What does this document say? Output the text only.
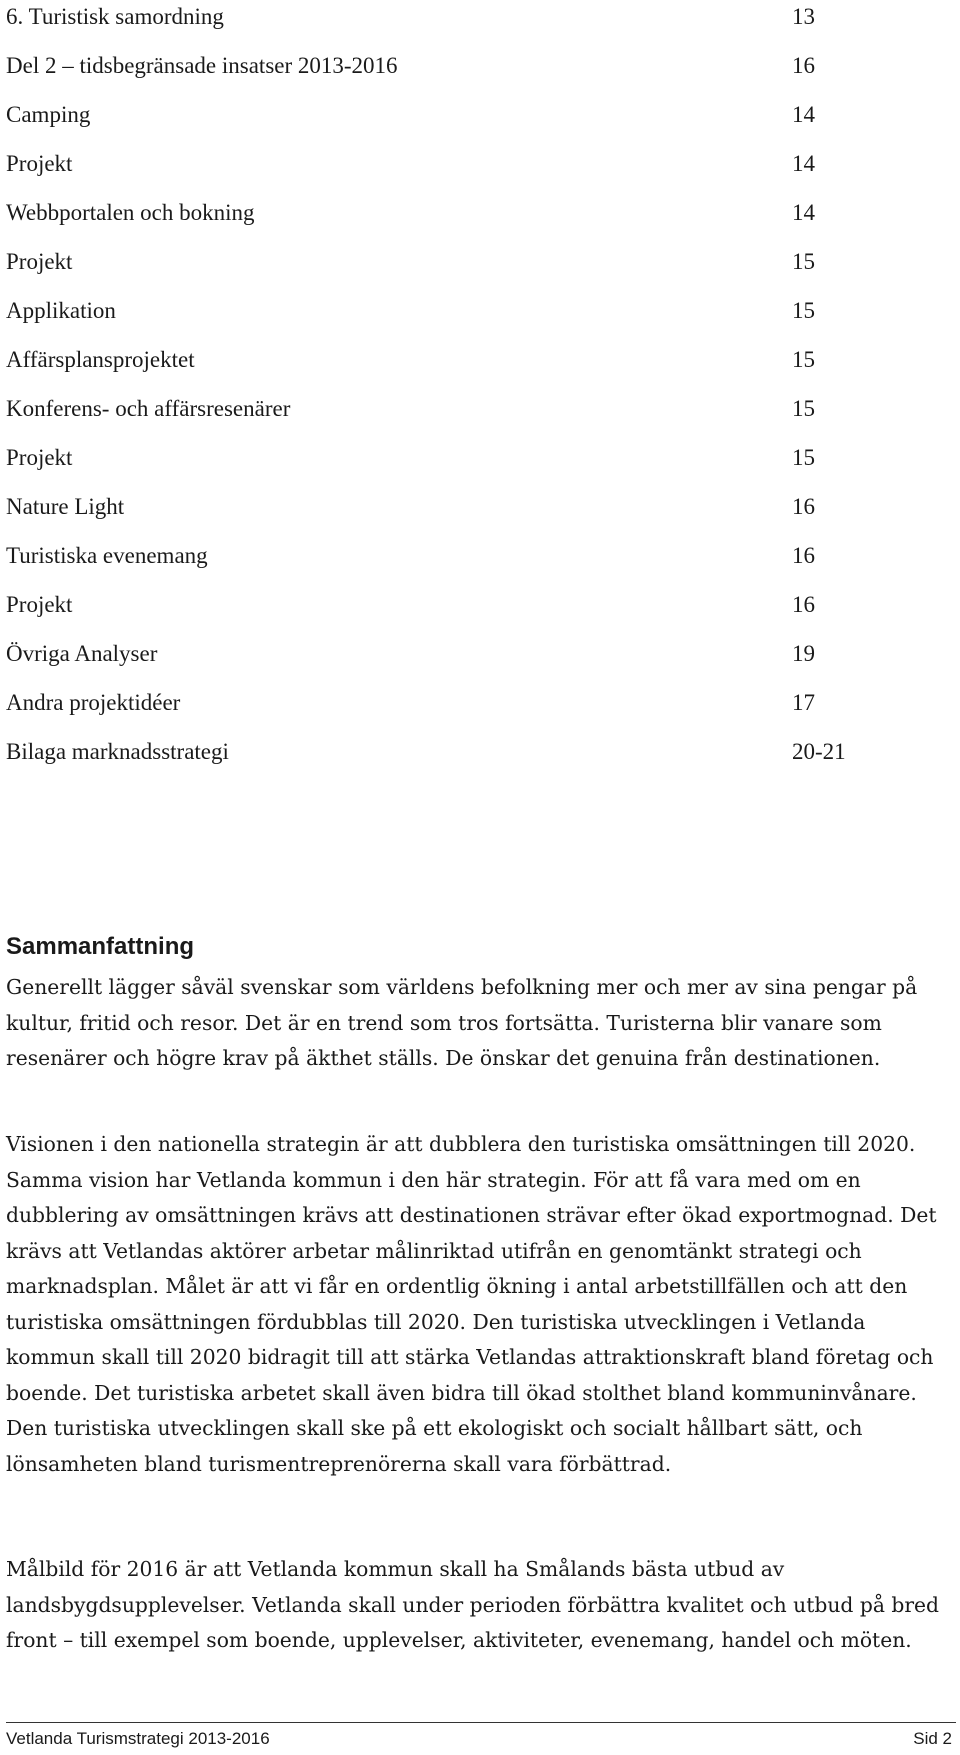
6. Turistisk samordning	13
Del 2 – tidsbegränsade insatser 2013-2016	16
Camping	14
Projekt	14
Webbportalen och bokning	14
Projekt	15
Applikation	15
Affärsplansprojektet	15
Konferens- och affärsresenärer	15
Projekt	15
Nature Light	16
Turistiska evenemang	16
Projekt	16
Övriga Analyser	19
Andra projektidéer	17
Bilaga marknadsstrategi	20-21
Sammanfattning

Generellt lägger såväl svenskar som världens befolkning mer och mer av sina pengar på kultur, fritid och resor. Det är en trend som tros fortsätta. Turisterna blir vanare som resenärer och högre krav på äkthet ställs. De önskar det genuina från destinationen.

Visionen i den nationella strategin är att dubblera den turistiska omsättningen till 2020. Samma vision har Vetlanda kommun i den här strategin. För att få vara med om en dubblering av omsättningen krävs att destinationen strävar efter ökad exportmognad. Det krävs att Vetlandas aktörer arbetar målinriktad utifrån en genomtänkt strategi och marknadsplan. Målet är att vi får en ordentlig ökning i antal arbetstillfällen och att den turistiska omsättningen fördubblas till 2020. Den turistiska utvecklingen i Vetlanda kommun skall till 2020 bidragit till att stärka Vetlandas attraktionskraft bland företag och boende. Det turistiska arbetet skall även bidra till ökad stolthet bland kommuninvånare. Den turistiska utvecklingen skall ske på ett ekologiskt och socialt hållbart sätt, och lönsamheten bland turismentreprenörerna skall vara förbättrad.

Målbild för 2016 är att Vetlanda kommun skall ha Smålands bästa utbud av landsbygdsupplevelser. Vetlanda skall under perioden förbättra kvalitet och utbud på bred front – till exempel som boende, upplevelser, aktiviteter, evenemang, handel och möten.

Vetlanda Turismstrategi 2013-2016	Sid 2
